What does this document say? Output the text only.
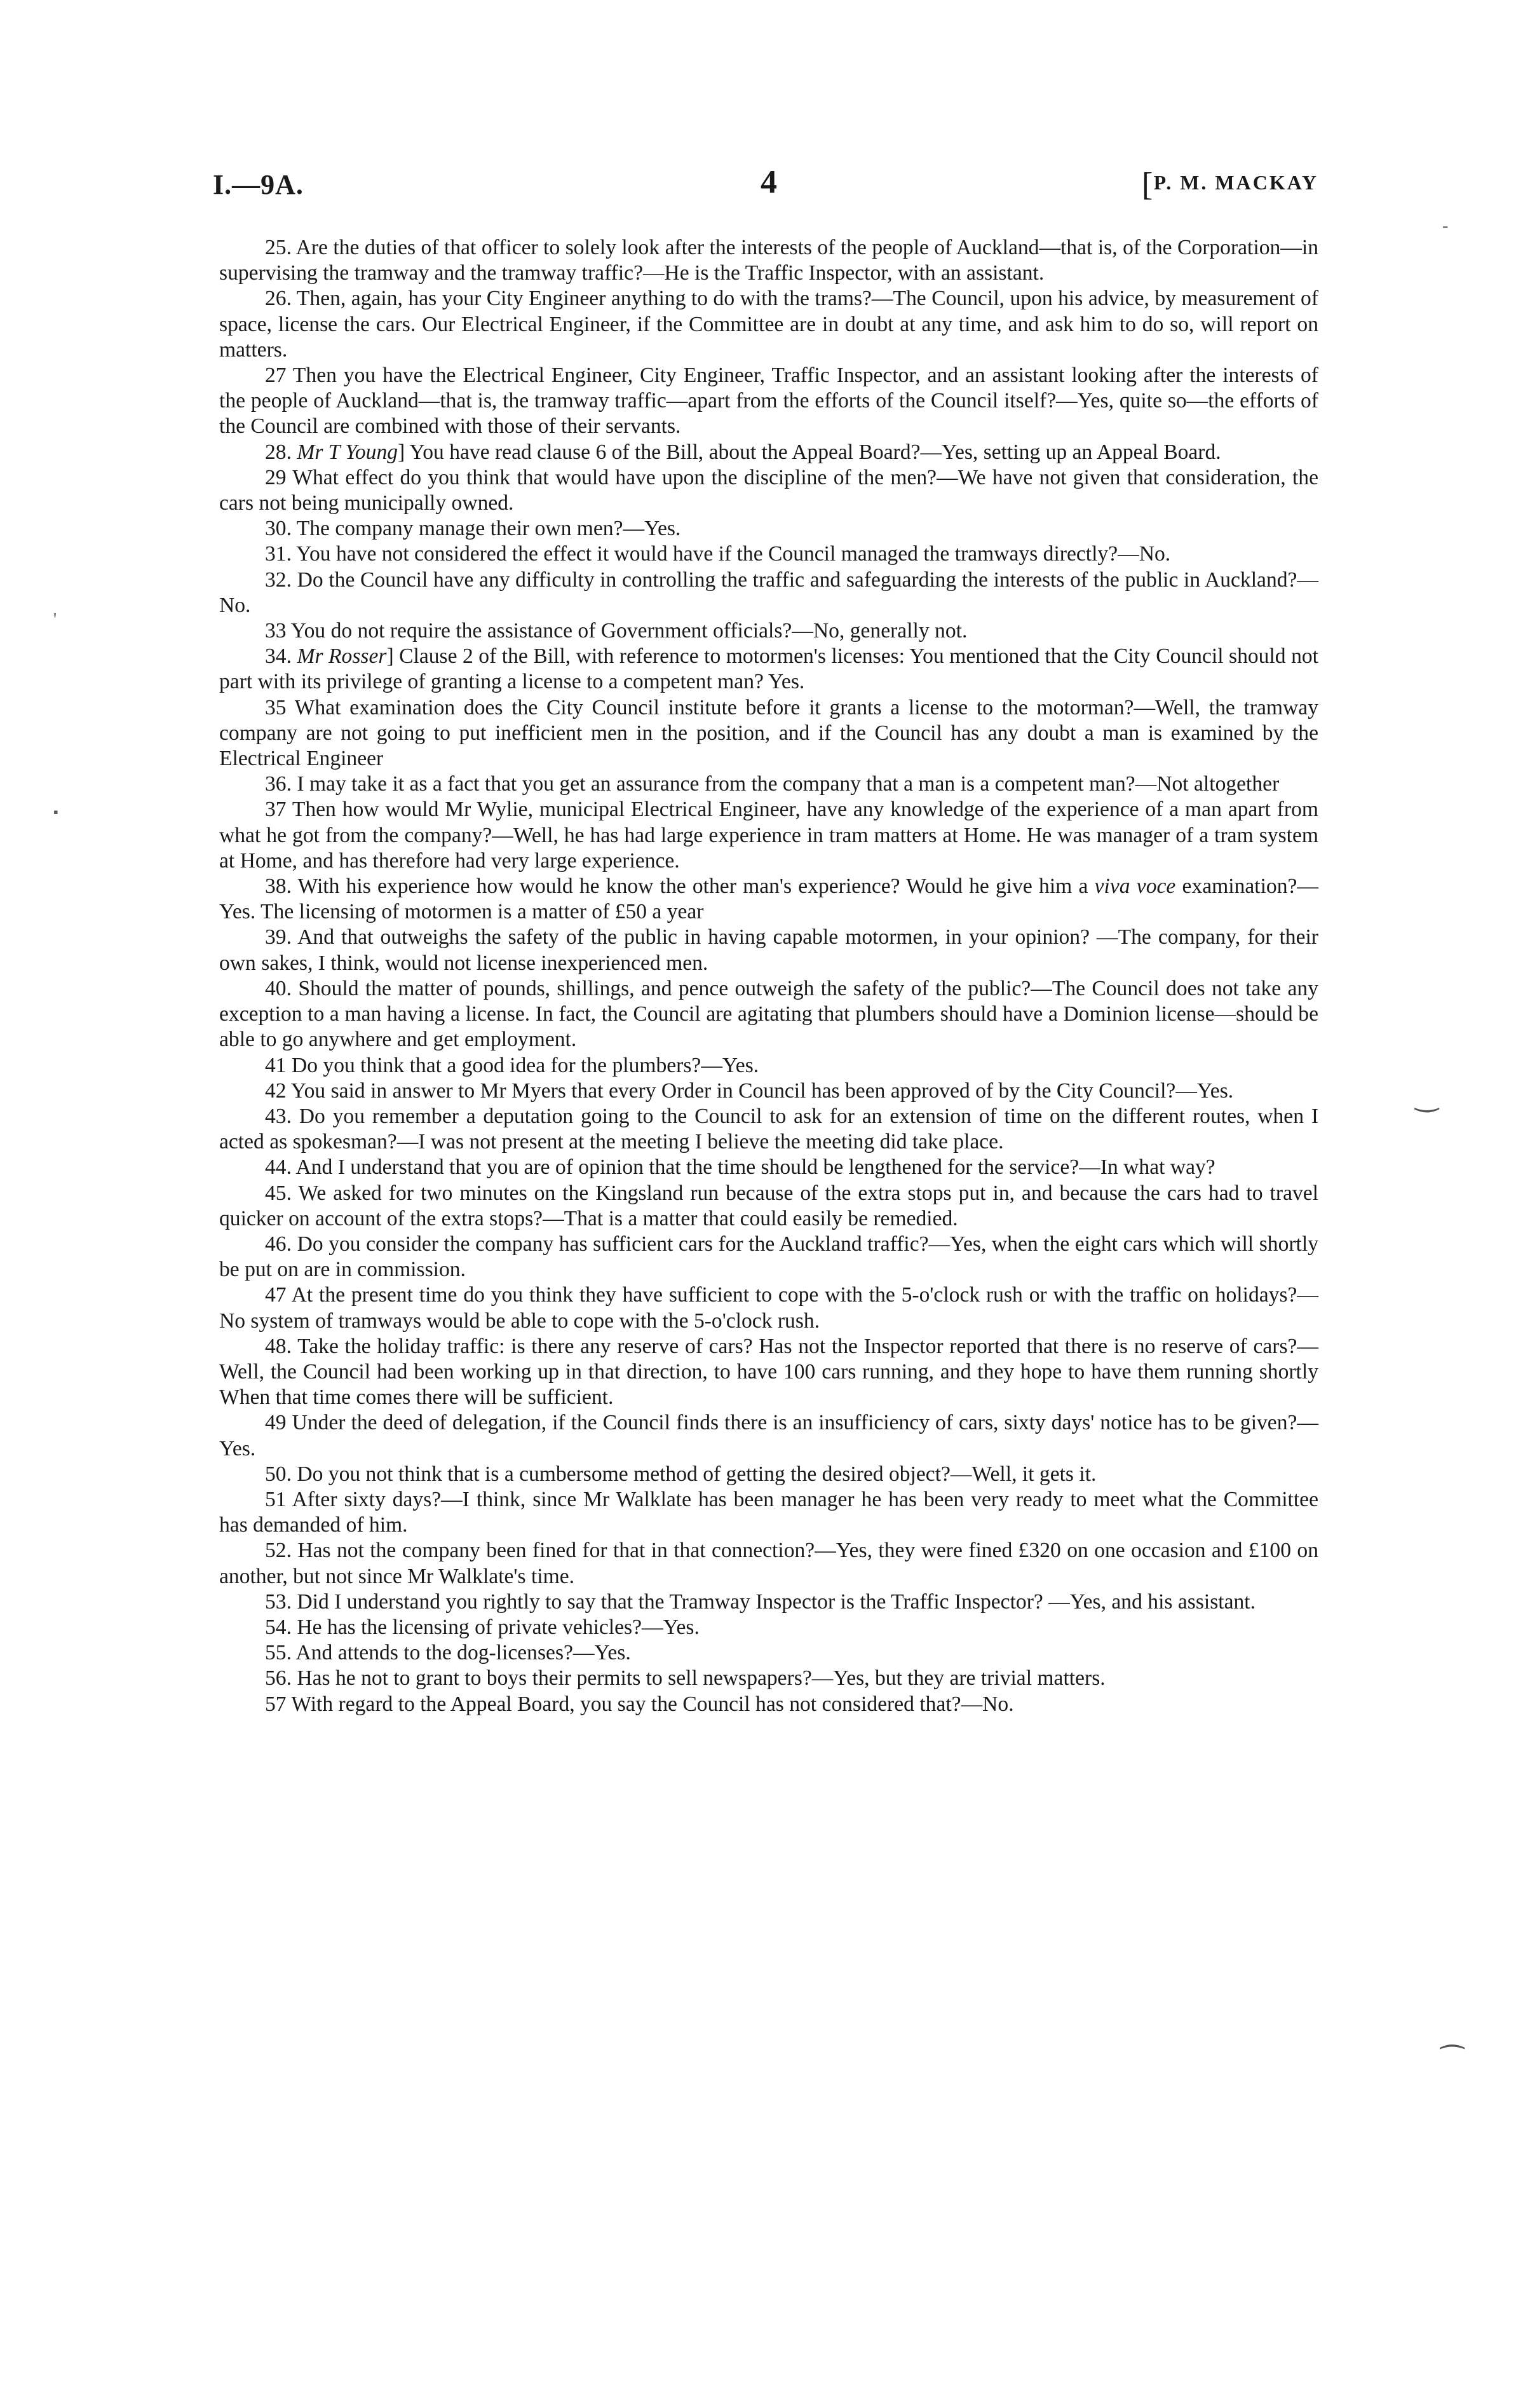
I.—9A.	4	[ P. M. MACKAY

25. Are the duties of that officer to solely look after the interests of the people of Auckland—that is, of the Corporation—in supervising the tramway and the tramway traffic?—He is the Traffic Inspector, with an assistant.

26. Then, again, has your City Engineer anything to do with the trams?—The Council, upon his advice, by measurement of space, license the cars. Our Electrical Engineer, if the Committee are in doubt at any time, and ask him to do so, will report on matters.

27 Then you have the Electrical Engineer, City Engineer, Traffic Inspector, and an assistant looking after the interests of the people of Auckland—that is, the tramway traffic—apart from the efforts of the Council itself?—Yes, quite so—the efforts of the Council are combined with those of their servants.

28. Mr T Young] You have read clause 6 of the Bill, about the Appeal Board?—Yes, setting up an Appeal Board.

29 What effect do you think that would have upon the discipline of the men?—We have not given that consideration, the cars not being municipally owned.

30. The company manage their own men?—Yes.

31. You have not considered the effect it would have if the Council managed the tramways directly?—No.

32. Do the Council have any difficulty in controlling the traffic and safeguarding the interests of the public in Auckland?—No.

33 You do not require the assistance of Government officials?—No, generally not.

34. Mr Rosser] Clause 2 of the Bill, with reference to motormen's licenses: You mentioned that the City Council should not part with its privilege of granting a license to a competent man? Yes.

35 What examination does the City Council institute before it grants a license to the motorman?—Well, the tramway company are not going to put inefficient men in the position, and if the Council has any doubt a man is examined by the Electrical Engineer

36. I may take it as a fact that you get an assurance from the company that a man is a competent man?—Not altogether

37 Then how would Mr Wylie, municipal Electrical Engineer, have any knowledge of the experience of a man apart from what he got from the company?—Well, he has had large experience in tram matters at Home. He was manager of a tram system at Home, and has therefore had very large experience.

38. With his experience how would he know the other man's experience? Would he give him a viva voce examination?—Yes. The licensing of motormen is a matter of £50 a year

39. And that outweighs the safety of the public in having capable motormen, in your opinion? —The company, for their own sakes, I think, would not license inexperienced men.

40. Should the matter of pounds, shillings, and pence outweigh the safety of the public?—The Council does not take any exception to a man having a license. In fact, the Council are agitating that plumbers should have a Dominion license—should be able to go anywhere and get employment.

41 Do you think that a good idea for the plumbers?—Yes.

42 You said in answer to Mr Myers that every Order in Council has been approved of by the City Council?—Yes.

43. Do you remember a deputation going to the Council to ask for an extension of time on the different routes, when I acted as spokesman?—I was not present at the meeting I believe the meeting did take place.

44. And I understand that you are of opinion that the time should be lengthened for the service?—In what way?

45. We asked for two minutes on the Kingsland run because of the extra stops put in, and because the cars had to travel quicker on account of the extra stops?—That is a matter that could easily be remedied.

46. Do you consider the company has sufficient cars for the Auckland traffic?—Yes, when the eight cars which will shortly be put on are in commission.

47 At the present time do you think they have sufficient to cope with the 5-o'clock rush or with the traffic on holidays?—No system of tramways would be able to cope with the 5-o'clock rush.

48. Take the holiday traffic: is there any reserve of cars? Has not the Inspector reported that there is no reserve of cars?—Well, the Council had been working up in that direction, to have 100 cars running, and they hope to have them running shortly When that time comes there will be sufficient.

49 Under the deed of delegation, if the Council finds there is an insufficiency of cars, sixty days' notice has to be given?—Yes.

50. Do you not think that is a cumbersome method of getting the desired object?—Well, it gets it.

51 After sixty days?—I think, since Mr Walklate has been manager he has been very ready to meet what the Committee has demanded of him.

52. Has not the company been fined for that in that connection?—Yes, they were fined £320 on one occasion and £100 on another, but not since Mr Walklate's time.

53. Did I understand you rightly to say that the Tramway Inspector is the Traffic Inspector? —Yes, and his assistant.

54. He has the licensing of private vehicles?—Yes.

55. And attends to the dog-licenses?—Yes.

56. Has he not to grant to boys their permits to sell newspapers?—Yes, but they are trivial matters.

57 With regard to the Appeal Board, you say the Council has not considered that?—No.

▪
‿
⁀
-
'
